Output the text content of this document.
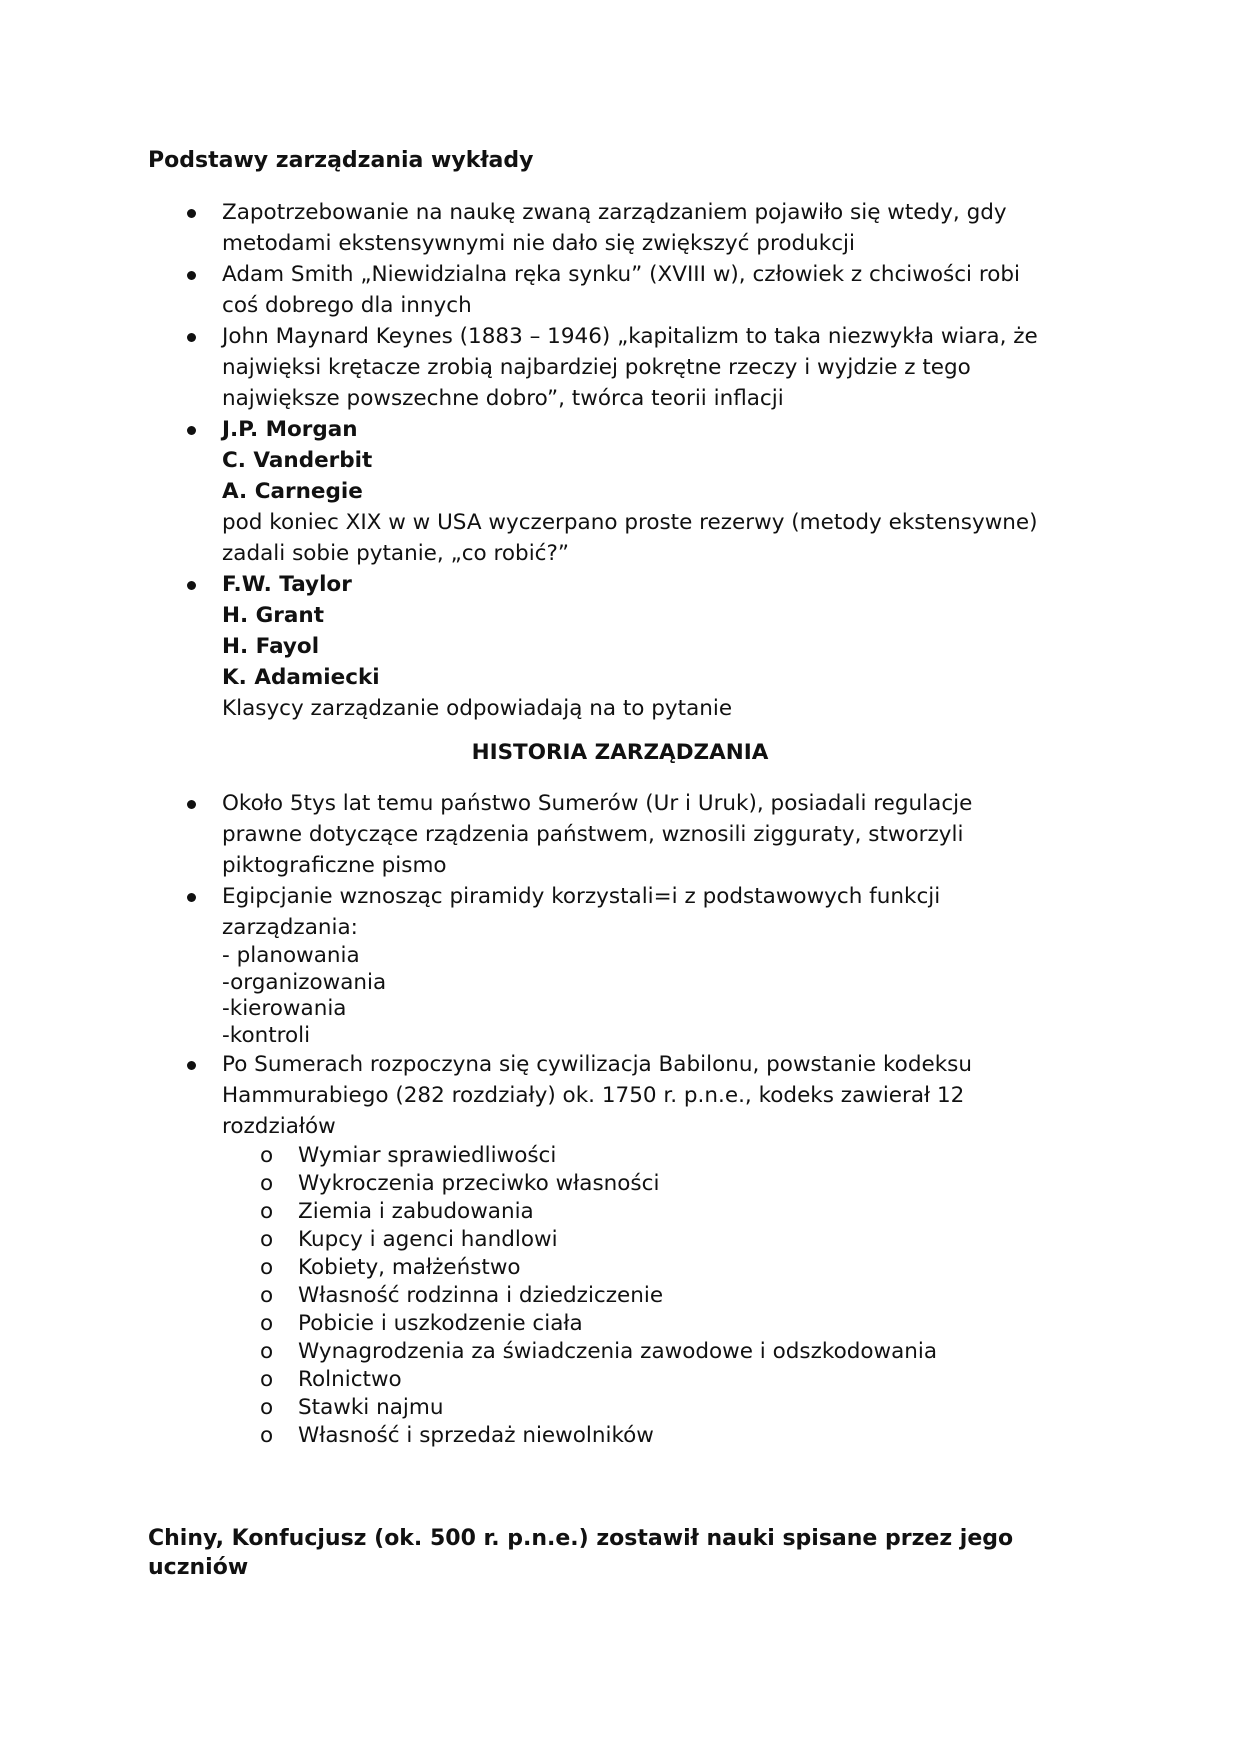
Podstawy zarządzania wykłady
Zapotrzebowanie na naukę zwaną zarządzaniem pojawiło się wtedy, gdy
metodami ekstensywnymi nie dało się zwiększyć produkcji
Adam Smith „Niewidzialna ręka synku” (XVIII w), człowiek z chciwości robi
coś dobrego dla innych
John Maynard Keynes (1883 – 1946) „kapitalizm to taka niezwykła wiara, że
najwięksi krętacze zrobią najbardziej pokrętne rzeczy i wyjdzie z tego
największe powszechne dobro”, twórca teorii inflacji
J.P. Morgan
C. Vanderbit
A. Carnegie
pod koniec XIX w w USA wyczerpano proste rezerwy (metody ekstensywne)
zadali sobie pytanie, „co robić?”
F.W. Taylor
H. Grant
H. Fayol
K. Adamiecki
Klasycy zarządzanie odpowiadają na to pytanie
HISTORIA ZARZĄDZANIA
Około 5tys lat temu państwo Sumerów (Ur i Uruk), posiadali regulacje
prawne dotyczące rządzenia państwem, wznosili zigguraty, stworzyli
piktograficzne pismo
Egipcjanie wznosząc piramidy korzystali=i z podstawowych funkcji
zarządzania:
- planowania
-organizowania
-kierowania
-kontroli
Po Sumerach rozpoczyna się cywilizacja Babilonu, powstanie kodeksu
Hammurabiego (282 rozdziały) ok. 1750 r. p.n.e., kodeks zawierał 12
rozdziałów
o Wymiar sprawiedliwości
o Wykroczenia przeciwko własności
o Ziemia i zabudowania
o Kupcy i agenci handlowi
o Kobiety, małżeństwo
o Własność rodzinna i dziedziczenie
o Pobicie i uszkodzenie ciała
o Wynagrodzenia za świadczenia zawodowe i odszkodowania
o Rolnictwo
o Stawki najmu
o Własność i sprzedaż niewolników
Chiny, Konfucjusz (ok. 500 r. p.n.e.) zostawił nauki spisane przez jego
uczniów
